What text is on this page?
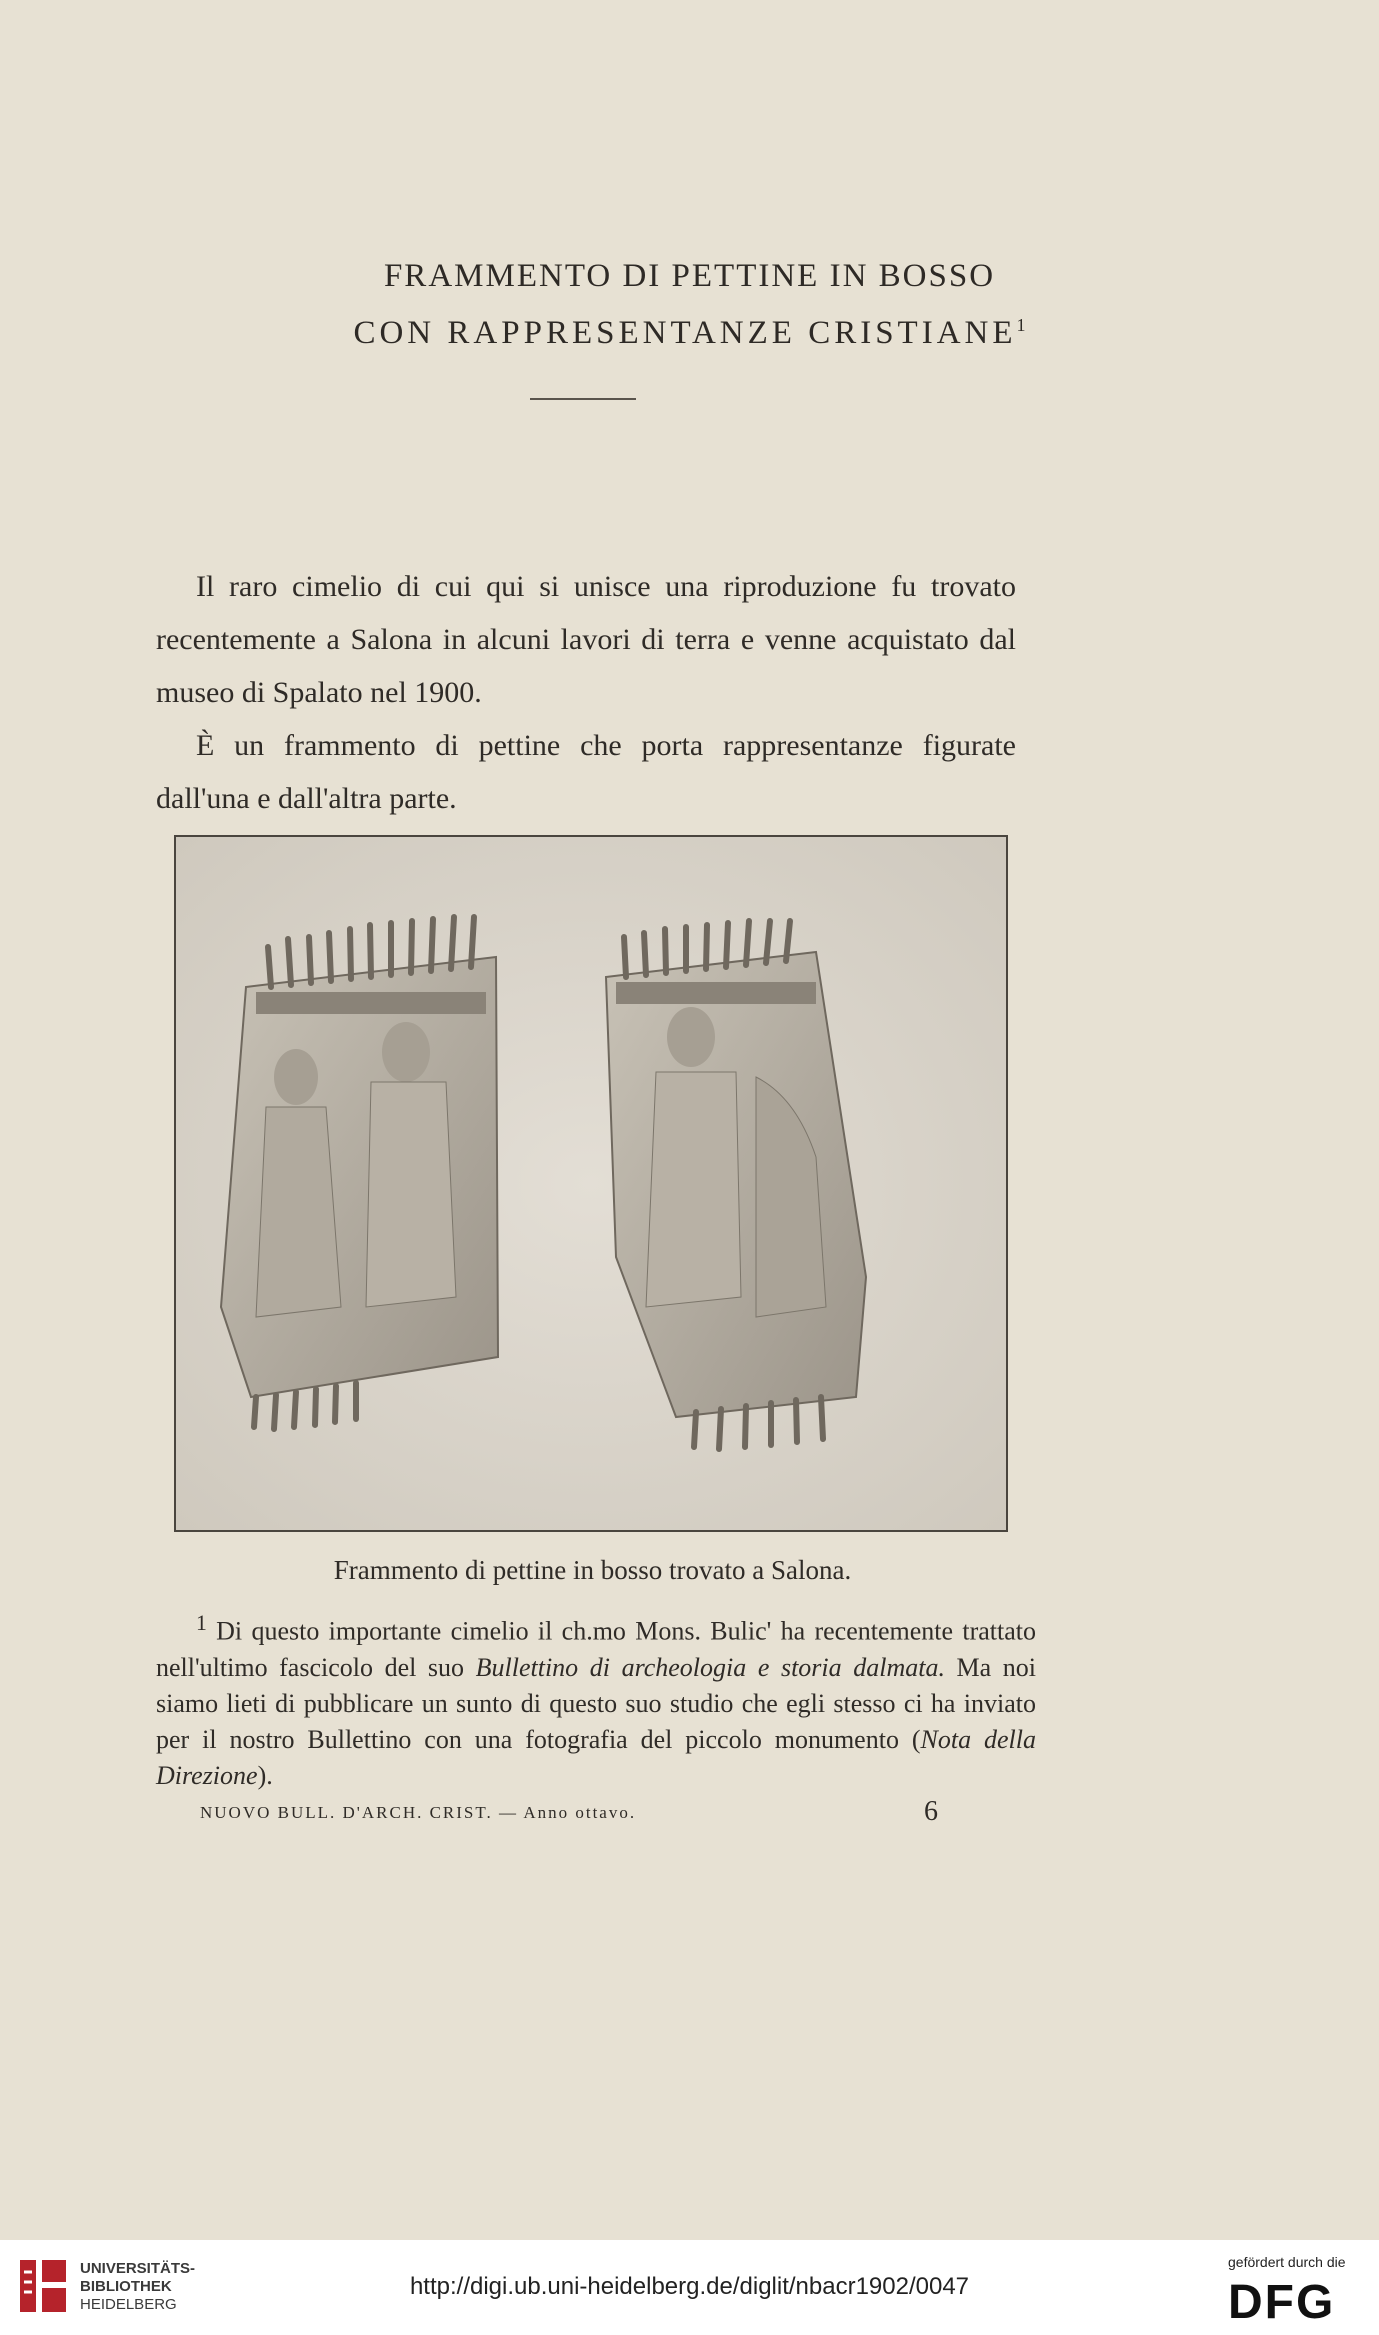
FRAMMENTO DI PETTINE IN BOSSO
CON RAPPRESENTANZE CRISTIANE$^1$

Il raro cimelio di cui qui si unisce una riproduzione fu trovato recentemente a Salona in alcuni lavori di terra e venne acquistato dal museo di Spalato nel 1900.

È un frammento di pettine che porta rappresentanze figurate dall'una e dall'altra parte.

Frammento di pettine in bosso trovato a Salona.

$^1$ Di questo importante cimelio il ch.mo Mons. Bulic' ha recentemente trattato nell'ultimo fascicolo del suo Bullettino di archeologia e storia dalmata. Ma noi siamo lieti di pubblicare un sunto di questo suo studio che egli stesso ci ha inviato per il nostro Bullettino con una fotografia del piccolo monumento (Nota della Direzione).

NUOVO BULL. D'ARCH. CRIST. — Anno ottavo.	6
UNIVERSITÄTS-
BIBLIOTHEK
HEIDELBERG
http://digi.ub.uni-heidelberg.de/diglit/nbacr1902/0047
gefördert durch die
DFG
